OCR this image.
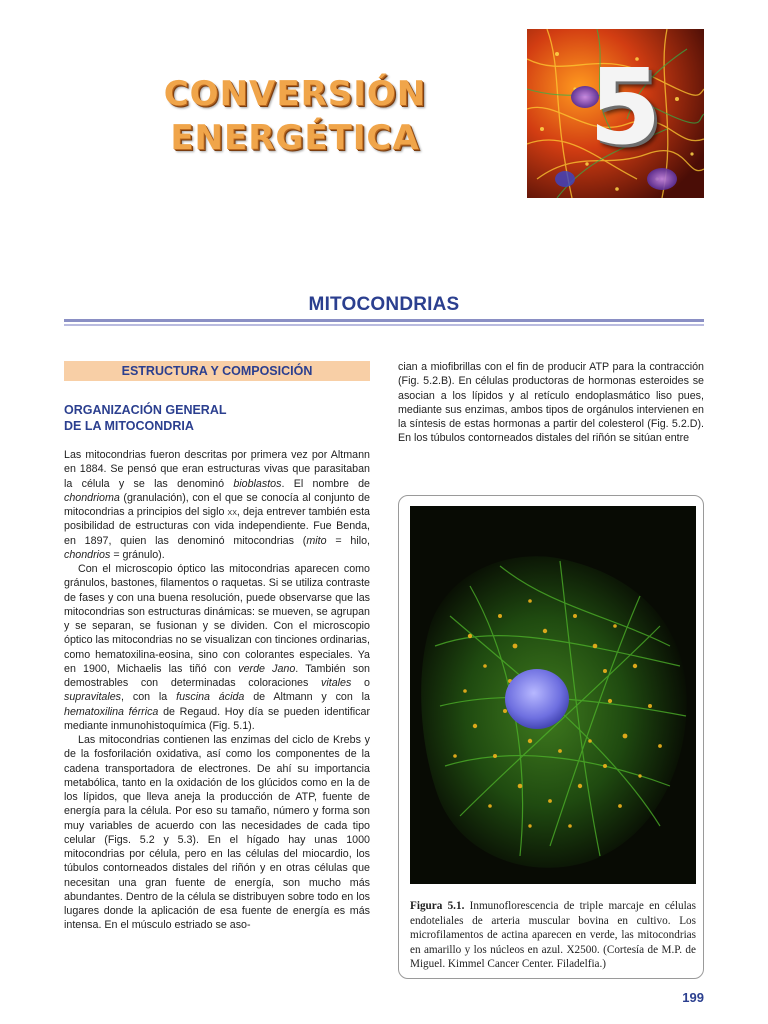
CONVERSIÓN
ENERGÉTICA 5
MITOCONDRIAS
ESTRUCTURA Y COMPOSICIÓN
ORGANIZACIÓN GENERAL
DE LA MITOCONDRIA

Las mitocondrias fueron descritas por primera vez por Altmann en 1884. Se pensó que eran estructuras vivas que parasitaban la célula y se las denominó bioblastos. El nombre de chondrioma (granulación), con el que se conocía al conjunto de mitocondrias a principios del siglo xx, deja entrever también esta posibilidad de estructuras con vida independiente. Fue Benda, en 1897, quien las denominó mitocondrias (mito = hilo, chondrios = gránulo).

Con el microscopio óptico las mitocondrias aparecen como gránulos, bastones, filamentos o raquetas. Si se utiliza contraste de fases y con una buena resolución, puede observarse que las mitocondrias son estructuras dinámicas: se mueven, se agrupan y se separan, se fusionan y se dividen. Con el microscopio óptico las mitocondrias no se visualizan con tinciones ordinarias, como hematoxilina-eosina, sino con colorantes especiales. Ya en 1900, Michaelis las tiñó con verde Jano. También son demostrables con determinadas coloraciones vitales o supravitales, con la fuscina ácida de Altmann y con la hematoxilina férrica de Regaud. Hoy día se pueden identificar mediante inmunohistoquímica (Fig. 5.1).

Las mitocondrias contienen las enzimas del ciclo de Krebs y de la fosforilación oxidativa, así como los componentes de la cadena transportadora de electrones. De ahí su importancia metabólica, tanto en la oxidación de los glúcidos como en la de los lípidos, que lleva aneja la producción de ATP, fuente de energía para la célula. Por eso su tamaño, número y forma son muy variables de acuerdo con las necesidades de cada tipo celular (Figs. 5.2 y 5.3). En el hígado hay unas 1000 mitocondrias por célula, pero en las células del miocardio, los túbulos contorneados distales del riñón y en otras células que necesitan una gran fuente de energía, son mucho más abundantes. Dentro de la célula se distribuyen sobre todo en los lugares donde la aplicación de esa fuente de energía es más intensa. En el músculo estriado se aso-

cian a miofibrillas con el fin de producir ATP para la contracción (Fig. 5.2.B). En células productoras de hormonas esteroides se asocian a los lípidos y al retículo endoplasmático liso pues, mediante sus enzimas, ambos tipos de orgánulos intervienen en la síntesis de estas hormonas a partir del colesterol (Fig. 5.2.D). En los túbulos contorneados distales del riñón se sitúan entre

Figura 5.1. Inmunoflorescencia de triple marcaje en células endoteliales de arteria muscular bovina en cultivo. Los microfilamentos de actina aparecen en verde, las mitocondrias en amarillo y los núcleos en azul. X2500. (Cortesía de M.P. de Miguel. Kimmel Cancer Center. Filadelfia.)
199
